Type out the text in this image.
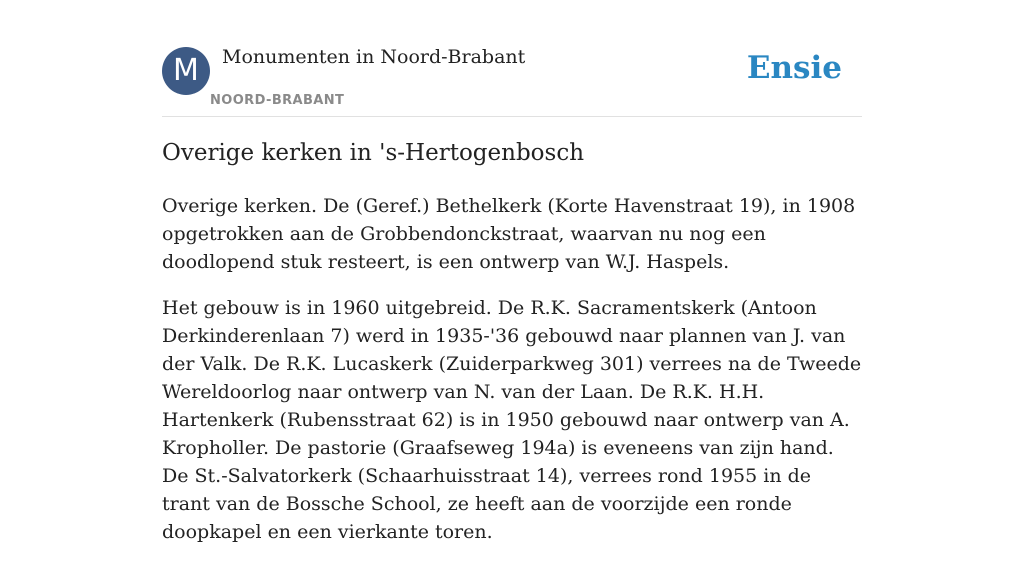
M	Monumenten in Noord-Brabant
NOORD-BRABANT
Ensie
Overige kerken in 's-Hertogenbosch

Overige kerken. De (Geref.) Bethelkerk (Korte Havenstraat 19), in 1908 opgetrokken aan de Grobbendonckstraat, waarvan nu nog een doodlopend stuk resteert, is een ontwerp van W.J. Haspels.

Het gebouw is in 1960 uitgebreid. De R.K. Sacramentskerk (Antoon Derkinderenlaan 7) werd in 1935-'36 gebouwd naar plannen van J. van der Valk. De R.K. Lucaskerk (Zuiderparkweg 301) verrees na de Tweede Wereldoorlog naar ontwerp van N. van der Laan. De R.K. H.H. Hartenkerk (Rubensstraat 62) is in 1950 gebouwd naar ontwerp van A. Kropholler. De pastorie (Graafseweg 194a) is eveneens van zijn hand. De St.-Salvatorkerk (Schaarhuisstraat 14), verrees rond 1955 in de trant van de Bossche School, ze heeft aan de voorzijde een ronde doopkapel en een vierkante toren.
